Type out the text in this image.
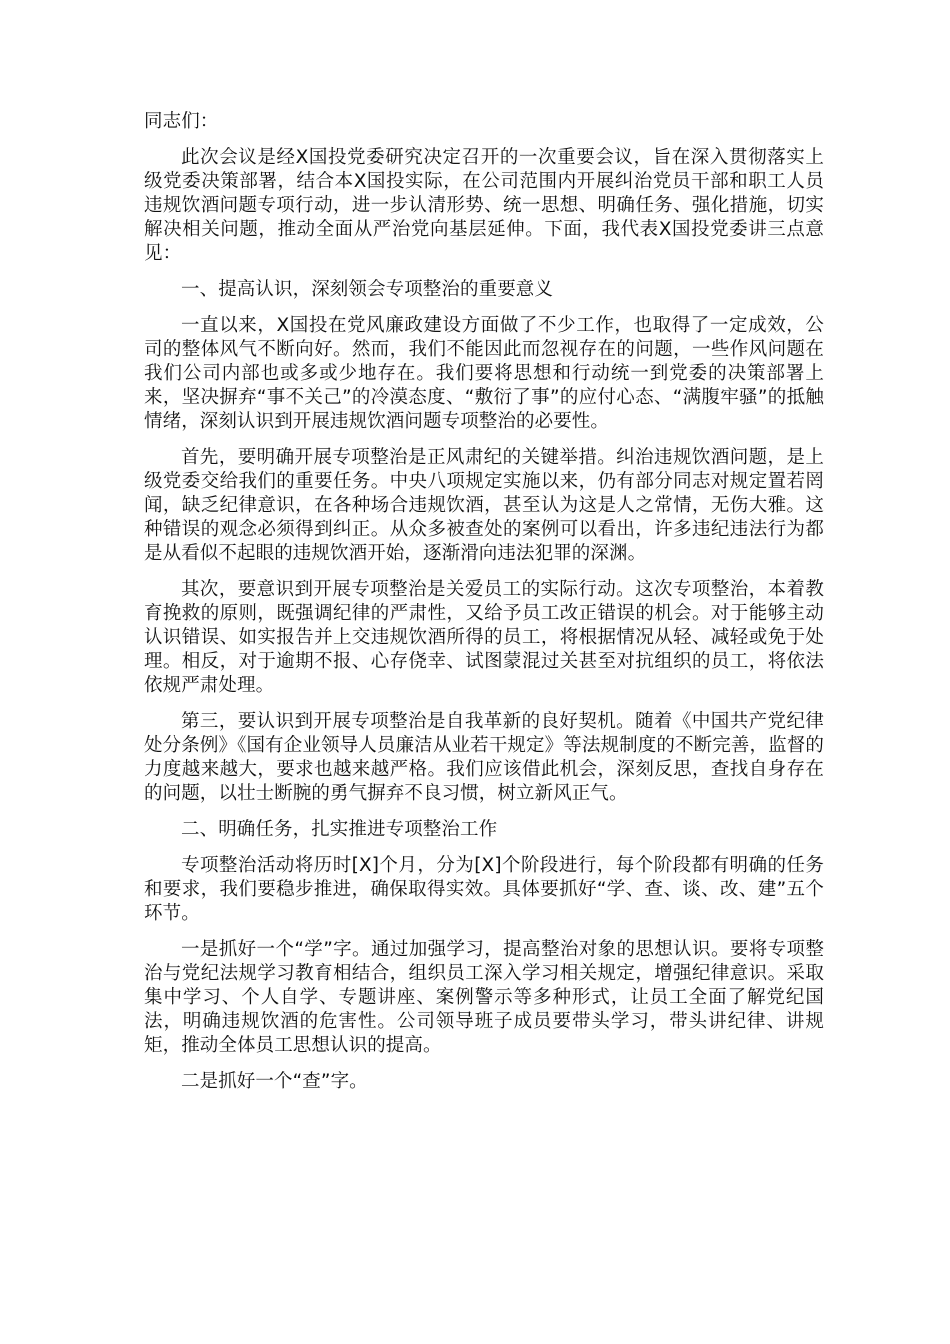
同志们：

此次会议是经X国投党委研究决定召开的一次重要会议，旨在深入贯彻落实上级党委决策部署，结合本X国投实际，在公司范围内开展纠治党员干部和职工人员违规饮酒问题专项行动，进一步认清形势、统一思想、明确任务、强化措施，切实解决相关问题，推动全面从严治党向基层延伸。下面，我代表X国投党委讲三点意见：

一、提高认识，深刻领会专项整治的重要意义

一直以来，X国投在党风廉政建设方面做了不少工作，也取得了一定成效，公司的整体风气不断向好。然而，我们不能因此而忽视存在的问题，一些作风问题在我们公司内部也或多或少地存在。我们要将思想和行动统一到党委的决策部署上来，坚决摒弃“事不关己”的冷漠态度、“敷衍了事”的应付心态、“满腹牢骚”的抵触情绪，深刻认识到开展违规饮酒问题专项整治的必要性。

首先，要明确开展专项整治是正风肃纪的关键举措。纠治违规饮酒问题，是上级党委交给我们的重要任务。中央八项规定实施以来，仍有部分同志对规定置若罔闻，缺乏纪律意识，在各种场合违规饮酒，甚至认为这是人之常情，无伤大雅。这种错误的观念必须得到纠正。从众多被查处的案例可以看出，许多违纪违法行为都是从看似不起眼的违规饮酒开始，逐渐滑向违法犯罪的深渊。

其次，要意识到开展专项整治是关爱员工的实际行动。这次专项整治，本着教育挽救的原则，既强调纪律的严肃性，又给予员工改正错误的机会。对于能够主动认识错误、如实报告并上交违规饮酒所得的员工，将根据情况从轻、减轻或免于处理。相反，对于逾期不报、心存侥幸、试图蒙混过关甚至对抗组织的员工，将依法依规严肃处理。

第三，要认识到开展专项整治是自我革新的良好契机。随着《中国共产党纪律处分条例》《国有企业领导人员廉洁从业若干规定》等法规制度的不断完善，监督的力度越来越大，要求也越来越严格。我们应该借此机会，深刻反思，查找自身存在的问题，以壮士断腕的勇气摒弃不良习惯，树立新风正气。

二、明确任务，扎实推进专项整治工作

专项整治活动将历时[X]个月，分为[X]个阶段进行，每个阶段都有明确的任务和要求，我们要稳步推进，确保取得实效。具体要抓好“学、查、谈、改、建”五个环节。

一是抓好一个“学”字。通过加强学习，提高整治对象的思想认识。要将专项整治与党纪法规学习教育相结合，组织员工深入学习相关规定，增强纪律意识。采取集中学习、个人自学、专题讲座、案例警示等多种形式，让员工全面了解党纪国法，明确违规饮酒的危害性。公司领导班子成员要带头学习，带头讲纪律、讲规矩，推动全体员工思想认识的提高。

二是抓好一个“查”字。
